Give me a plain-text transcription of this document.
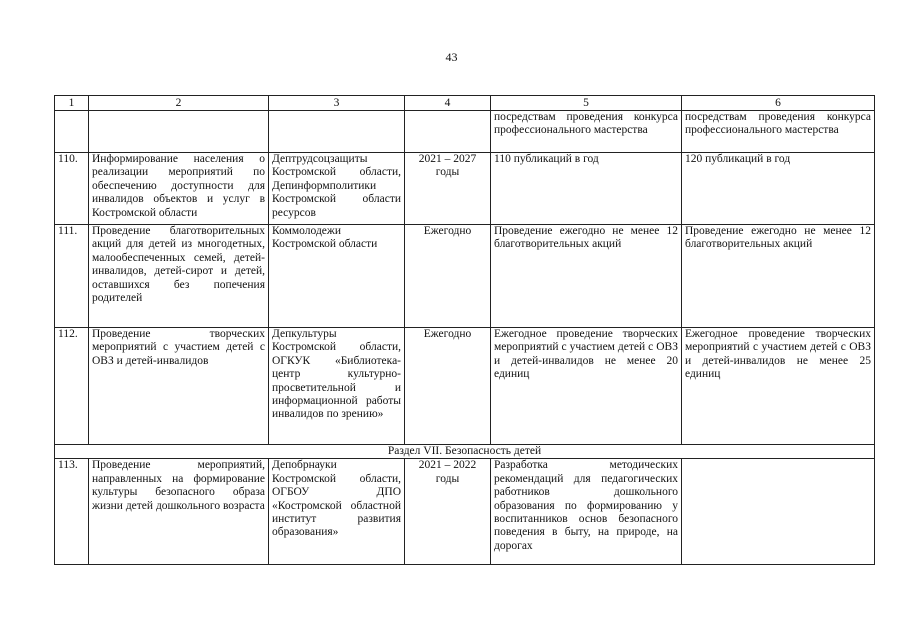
43
1	2	3	4	5	6
				посредствам проведения конкурса профессионального мастерства	посредствам проведения конкурса профессионального мастерства
110.	Информирование населения о реализации мероприятий по обеспечению доступности для инвалидов объектов и услуг в Костромской области	Дептрудсоцзащиты Костромской области, Депинформполитики Костромской области ресурсов	2021 – 2027 годы	110 публикаций в год	120 публикаций в год
111.	Проведение благотворительных акций для детей из многодетных, малообеспеченных семей, детей-инвалидов, детей-сирот и детей, оставшихся без попечения родителей	Коммолодежи Костромской области	Ежегодно	Проведение ежегодно не менее 12 благотворительных акций	Проведение ежегодно не менее 12 благотворительных акций
112.	Проведение творческих мероприятий с участием детей с ОВЗ и детей-инвалидов	Депкультуры Костромской области, ОГКУК «Библиотека-центр культурно-просветительной и информационной работы инвалидов по зрению»	Ежегодно	Ежегодное проведение творческих мероприятий с участием детей с ОВЗ и детей-инвалидов не менее 20 единиц	Ежегодное проведение творческих мероприятий с участием детей с ОВЗ и детей-инвалидов не менее 25 единиц
Раздел VII. Безопасность детей					
113.	Проведение мероприятий, направленных на формирование культуры безопасного образа жизни детей дошкольного возраста	Депобрнауки Костромской области, ОГБОУ ДПО «Костромской областной институт развития образования»	2021 – 2022 годы	Разработка методических рекомендаций для педагогических работников дошкольного образования по формированию у воспитанников основ безопасного поведения в быту, на природе, на дорогах	
